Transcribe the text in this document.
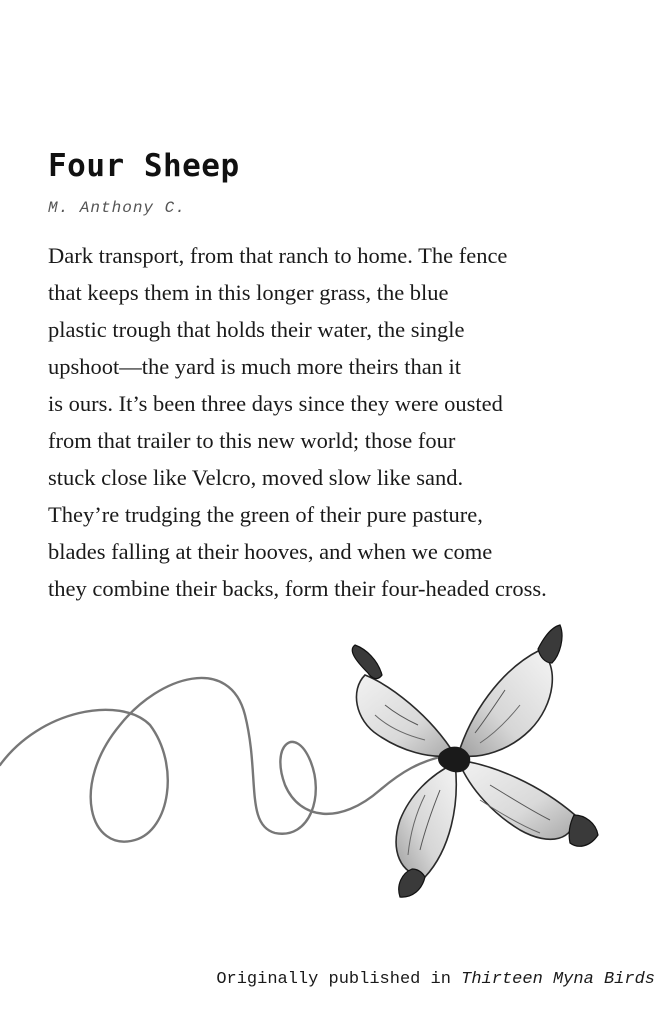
Four Sheep

M. Anthony C.

Dark transport, from that ranch to home. The fence
that keeps them in this longer grass, the blue
plastic trough that holds their water, the single
upshoot—the yard is much more theirs than it
is ours. It’s been three days since they were ousted
from that trailer to this new world; those four
stuck close like Velcro, moved slow like sand.
They’re trudging the green of their pure pasture,
blades falling at their hooves, and when we come
they combine their backs, form their four-headed cross.

Originally published in Thirteen Myna Birds
